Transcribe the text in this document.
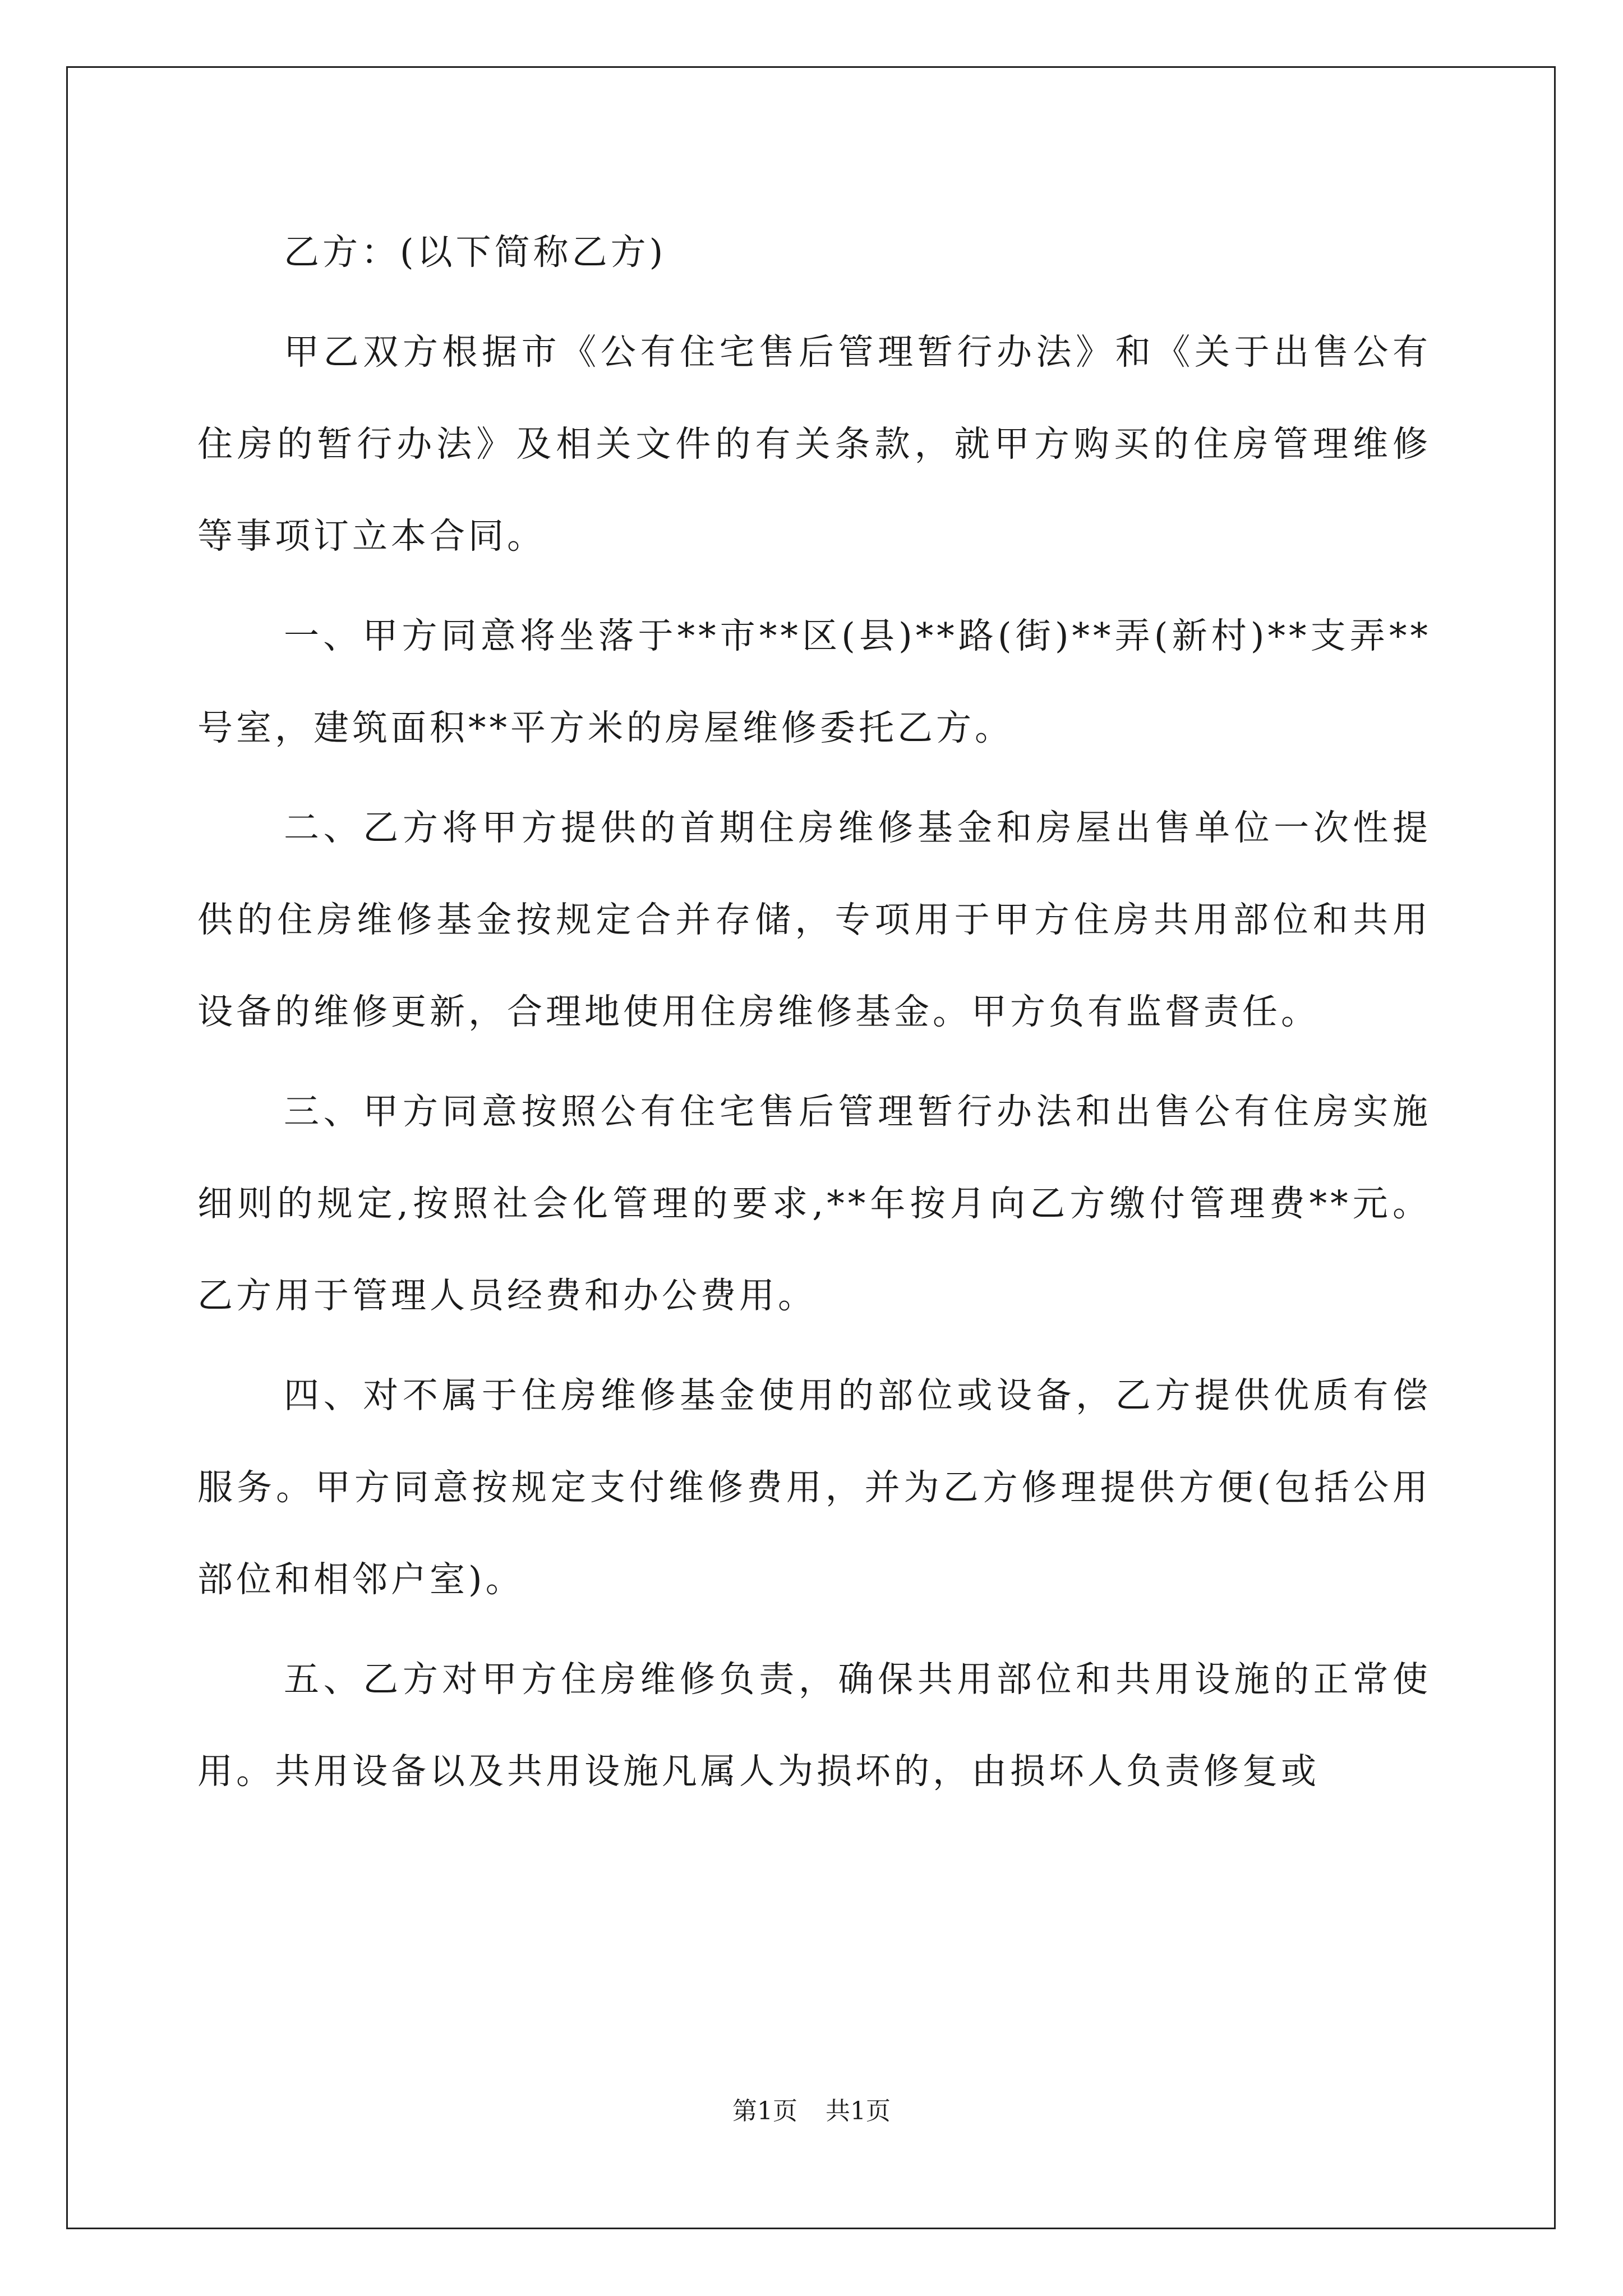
乙方：(以下简称乙方)

甲乙双方根据市《公有住宅售后管理暂行办法》和《关于出售公有住房的暂行办法》及相关文件的有关条款，就甲方购买的住房管理维修等事项订立本合同。

一、甲方同意将坐落于**市**区(县)**路(街)**弄(新村)**支弄**号室，建筑面积**平方米的房屋维修委托乙方。

二、乙方将甲方提供的首期住房维修基金和房屋出售单位一次性提供的住房维修基金按规定合并存储，专项用于甲方住房共用部位和共用设备的维修更新，合理地使用住房维修基金。甲方负有监督责任。

三、甲方同意按照公有住宅售后管理暂行办法和出售公有住房实施细则的规定,按照社会化管理的要求,**年按月向乙方缴付管理费**元。乙方用于管理人员经费和办公费用。

四、对不属于住房维修基金使用的部位或设备，乙方提供优质有偿服务。甲方同意按规定支付维修费用，并为乙方修理提供方便(包括公用部位和相邻户室)。

五、乙方对甲方住房维修负责，确保共用部位和共用设施的正常使用。共用设备以及共用设施凡属人为损坏的，由损坏人负责修复或

第1页 共1页
